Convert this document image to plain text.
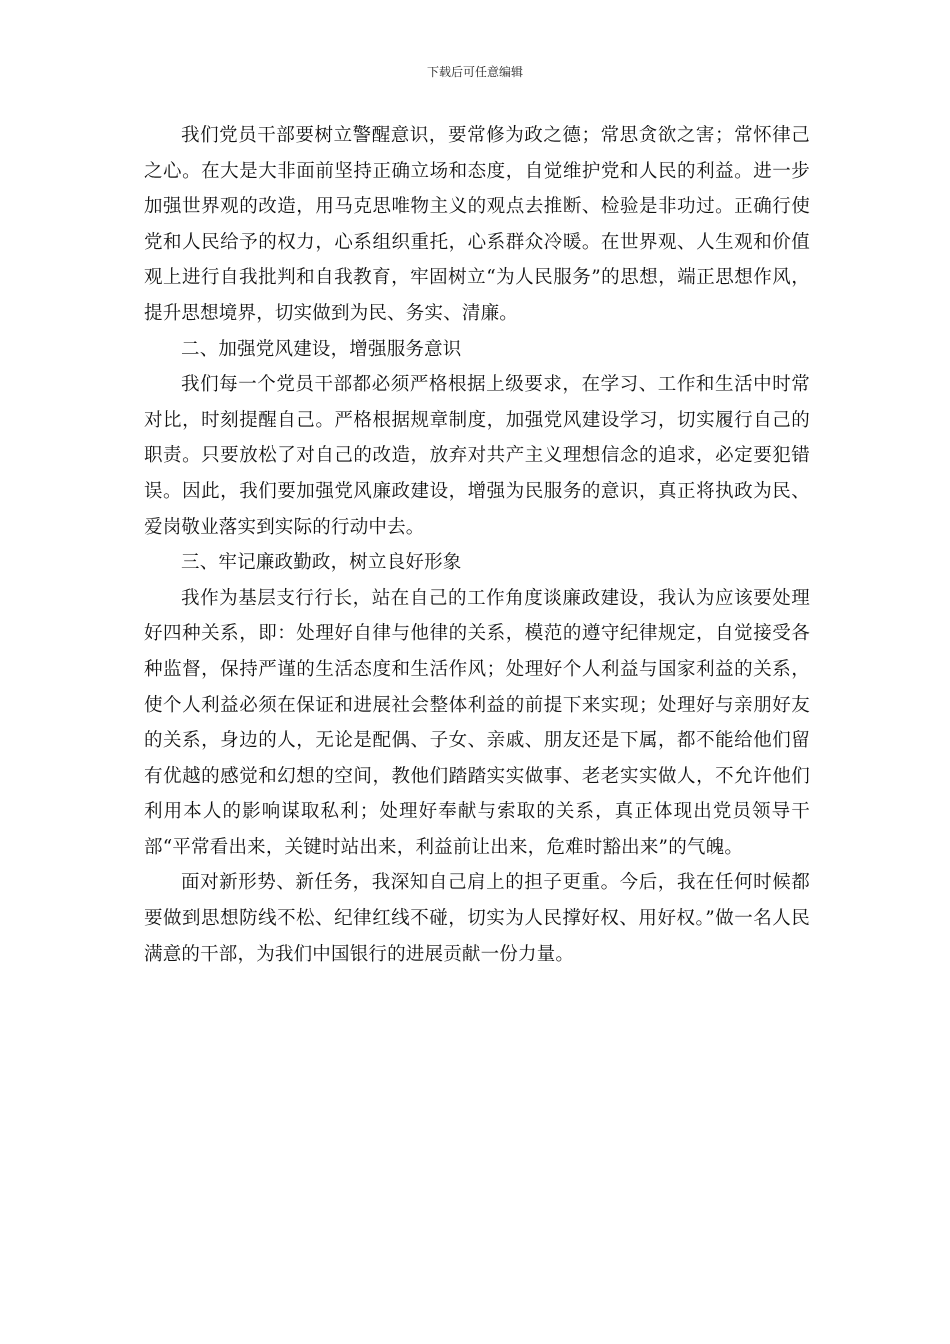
下载后可任意编辑

我们党员干部要树立警醒意识，要常修为政之德；常思贪欲之害；常怀律己之心。在大是大非面前坚持正确立场和态度，自觉维护党和人民的利益。进一步加强世界观的改造，用马克思唯物主义的观点去推断、检验是非功过。正确行使党和人民给予的权力，心系组织重托，心系群众冷暖。在世界观、人生观和价值观上进行自我批判和自我教育，牢固树立“为人民服务”的思想，端正思想作风，提升思想境界，切实做到为民、务实、清廉。

二、加强党风建设，增强服务意识

我们每一个党员干部都必须严格根据上级要求，在学习、工作和生活中时常对比，时刻提醒自己。严格根据规章制度，加强党风建设学习，切实履行自己的职责。只要放松了对自己的改造，放弃对共产主义理想信念的追求，必定要犯错误。因此，我们要加强党风廉政建设，增强为民服务的意识，真正将执政为民、爱岗敬业落实到实际的行动中去。

三、牢记廉政勤政，树立良好形象

我作为基层支行行长，站在自己的工作角度谈廉政建设，我认为应该要处理好四种关系，即：处理好自律与他律的关系，模范的遵守纪律规定，自觉接受各种监督，保持严谨的生活态度和生活作风；处理好个人利益与国家利益的关系，使个人利益必须在保证和进展社会整体利益的前提下来实现；处理好与亲朋好友的关系，身边的人，无论是配偶、子女、亲戚、朋友还是下属，都不能给他们留有优越的感觉和幻想的空间，教他们踏踏实实做事、老老实实做人，不允许他们利用本人的影响谋取私利；处理好奉献与索取的关系，真正体现出党员领导干部“平常看出来，关键时站出来，利益前让出来，危难时豁出来”的气魄。

面对新形势、新任务，我深知自己肩上的担子更重。今后，我在任何时候都要做到思想防线不松、纪律红线不碰，切实为人民撑好权、用好权。”做一名人民满意的干部，为我们中国银行的进展贡献一份力量。
